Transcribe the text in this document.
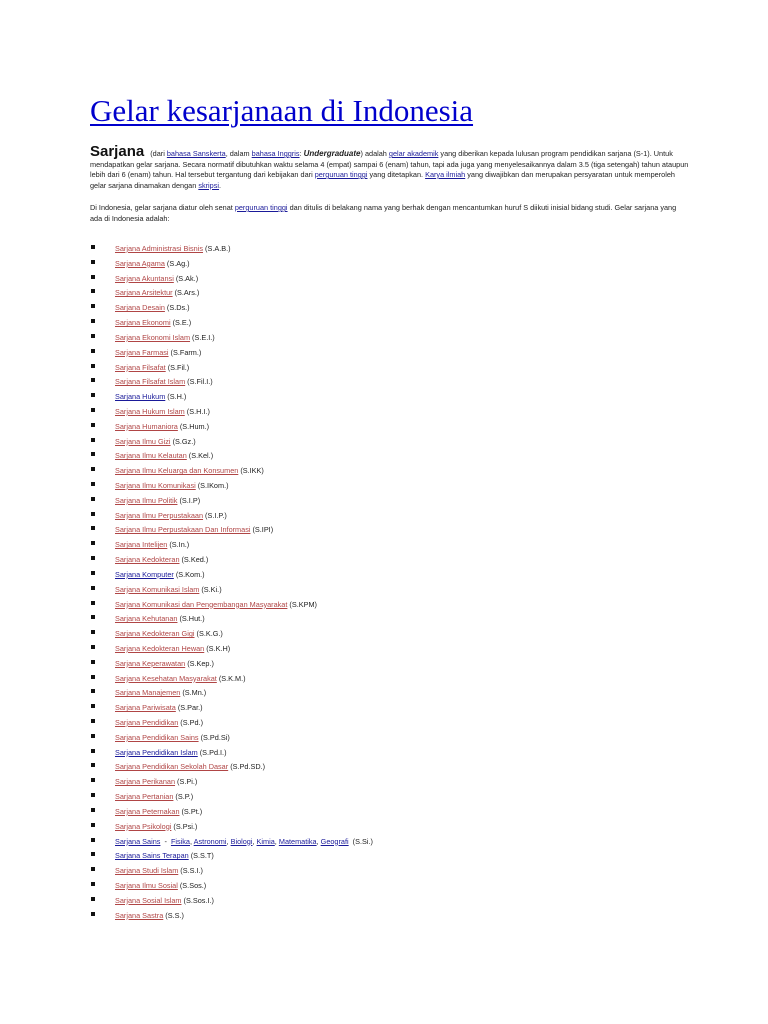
Gelar kesarjanaan di Indonesia
Sarjana (dari bahasa Sanskerta, dalam bahasa Inggris: Undergraduate) adalah gelar akademik yang diberikan kepada lulusan program pendidikan sarjana (S-1). Untuk mendapatkan gelar sarjana. Secara normatif dibutuhkan waktu selama 4 (empat) sampai 6 (enam) tahun, tapi ada juga yang menyelesaikannya dalam 3.5 (tiga setengah) tahun ataupun lebih dari 6 (enam) tahun. Hal tersebut tergantung dari kebijakan dari perguruan tinggi yang ditetapkan. Karya ilmiah yang diwajibkan dan merupakan persyaratan untuk memperoleh gelar sarjana dinamakan dengan skripsi.
Di Indonesia, gelar sarjana diatur oleh senat perguruan tinggi dan ditulis di belakang nama yang berhak dengan mencantumkan huruf S diikuti inisial bidang studi. Gelar sarjana yang ada di Indonesia adalah:
Sarjana Administrasi Bisnis (S.A.B.)
Sarjana Agama (S.Ag.)
Sarjana Akuntansi (S.Ak.)
Sarjana Arsitektur (S.Ars.)
Sarjana Desain (S.Ds.)
Sarjana Ekonomi (S.E.)
Sarjana Ekonomi Islam (S.E.I.)
Sarjana Farmasi (S.Farm.)
Sarjana Filsafat (S.Fil.)
Sarjana Filsafat Islam (S.Fil.I.)
Sarjana Hukum (S.H.)
Sarjana Hukum Islam (S.H.I.)
Sarjana Humaniora (S.Hum.)
Sarjana Ilmu Gizi (S.Gz.)
Sarjana Ilmu Kelautan (S.Kel.)
Sarjana Ilmu Keluarga dan Konsumen (S.IKK)
Sarjana Ilmu Komunikasi (S.IKom.)
Sarjana Ilmu Politik (S.I.P)
Sarjana Ilmu Perpustakaan (S.I.P.)
Sarjana Ilmu Perpustakaan Dan Informasi (S.IPI)
Sarjana Intelijen (S.In.)
Sarjana Kedokteran (S.Ked.)
Sarjana Komputer (S.Kom.)
Sarjana Komunikasi Islam (S.Ki.)
Sarjana Komunikasi dan Pengembangan Masyarakat (S.KPM)
Sarjana Kehutanan (S.Hut.)
Sarjana Kedokteran Gigi (S.K.G.)
Sarjana Kedokteran Hewan (S.K.H)
Sarjana Keperawatan (S.Kep.)
Sarjana Kesehatan Masyarakat (S.K.M.)
Sarjana Manajemen (S.Mn.)
Sarjana Pariwisata (S.Par.)
Sarjana Pendidikan (S.Pd.)
Sarjana Pendidikan Sains (S.Pd.Si)
Sarjana Pendidikan Islam (S.Pd.I.)
Sarjana Pendidikan Sekolah Dasar (S.Pd.SD.)
Sarjana Perikanan (S.Pi.)
Sarjana Pertanian (S.P.)
Sarjana Peternakan (S.Pt.)
Sarjana Psikologi (S.Psi.)
Sarjana Sains - Fisika, Astronomi, Biologi, Kimia, Matematika, Geografi (S.Si.)
Sarjana Sains Terapan (S.S.T)
Sarjana Studi Islam (S.S.I.)
Sarjana Ilmu Sosial (S.Sos.)
Sarjana Sosial Islam (S.Sos.I.)
Sarjana Sastra (S.S.)
